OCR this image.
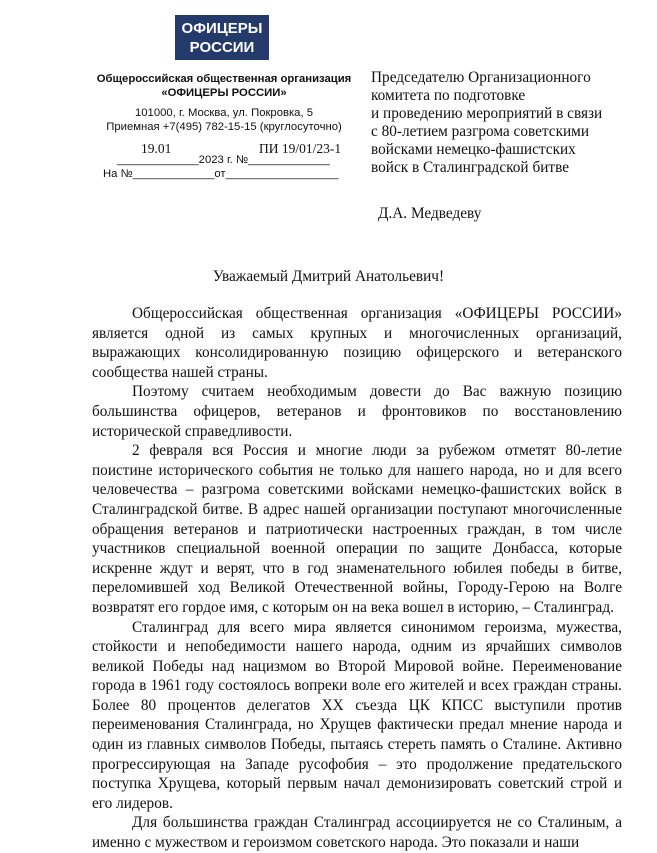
ОФИЦЕРЫ
РОССИИ
Общероссийская общественная организация
«ОФИЦЕРЫ РОССИИ»
101000, г. Москва, ул. Покровка, 5
Приемная +7(495) 782-15-15 (круглосуточно)
19.01	ПИ 19/01/23-1
_____________2023 г. №_____________
На №_____________от__________________
Председателю Организационного
комитета по подготовке
и проведению мероприятий в связи
с 80-летием разгрома советскими
войсками немецко-фашистских
войск в Сталинградской битве
Д.А. Медведеву
Уважаемый Дмитрий Анатольевич!

Общероссийская общественная организация «ОФИЦЕРЫ РОССИИ» является одной из самых крупных и многочисленных организаций, выражающих консолидированную позицию офицерского и ветеранского сообщества нашей страны.

Поэтому считаем необходимым довести до Вас важную позицию большинства офицеров, ветеранов и фронтовиков по восстановлению исторической справедливости.

2 февраля вся Россия и многие люди за рубежом отметят 80-летие поистине исторического события не только для нашего народа, но и для всего человечества – разгрома советскими войсками немецко-фашистских войск в Сталинградской битве. В адрес нашей организации поступают многочисленные обращения ветеранов и патриотически настроенных граждан, в том числе участников специальной военной операции по защите Донбасса, которые искренне ждут и верят, что в год знаменательного юбилея победы в битве, переломившей ход Великой Отечественной войны, Городу-Герою на Волге возвратят его гордое имя, с которым он на века вошел в историю, – Сталинград.

Сталинград для всего мира является синонимом героизма, мужества, стойкости и непобедимости нашего народа, одним из ярчайших символов великой Победы над нацизмом во Второй Мировой войне. Переименование города в 1961 году состоялось вопреки воле его жителей и всех граждан страны. Более 80 процентов делегатов XX съезда ЦК КПСС выступили против переименования Сталинграда, но Хрущев фактически предал мнение народа и один из главных символов Победы, пытаясь стереть память о Сталине. Активно прогрессирующая на Западе русофобия – это продолжение предательского поступка Хрущева, который первым начал демонизировать советский строй и его лидеров.

Для большинства граждан Сталинград ассоциируется не со Сталиным, а именно с мужеством и героизмом советского народа. Это показали и наши
